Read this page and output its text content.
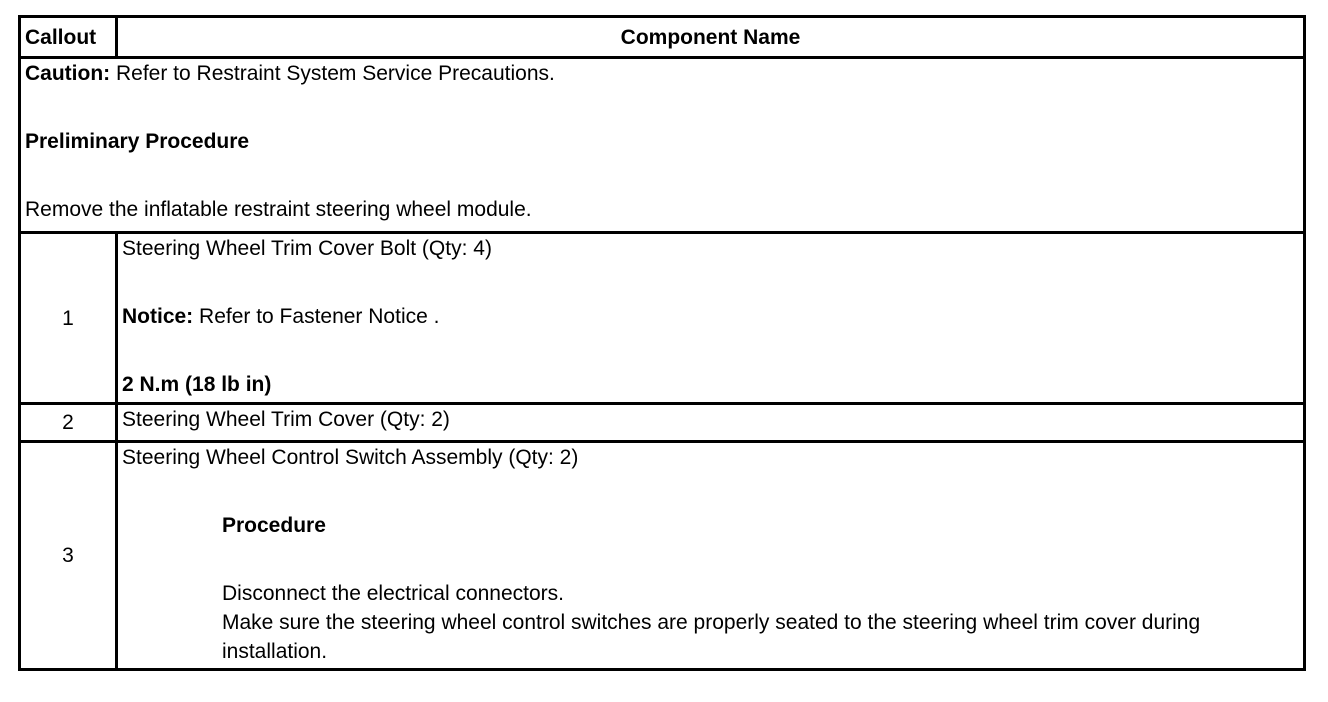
Callout	Component Name

Caution: Refer to Restraint System Service Precautions.
Preliminary Procedure
Remove the inflatable restraint steering wheel module.	

1	Steering Wheel Trim Cover Bolt (Qty: 4)
Notice: Refer to Fastener Notice .
2 N.m (18 lb in)

2	Steering Wheel Trim Cover (Qty: 2)
3	Steering Wheel Control Switch Assembly (Qty: 2)
Procedure
Disconnect the electrical connectors.
Make sure the steering wheel control switches are properly seated to the steering wheel trim cover during installation.
